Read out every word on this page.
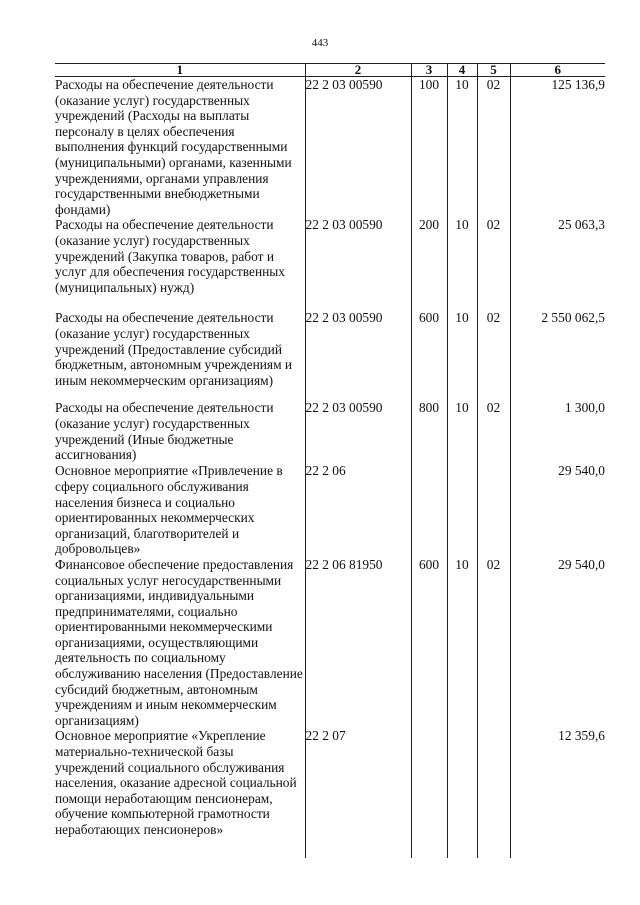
443
1	2	3	4	5	6
Расходы на обеспечение деятельности (оказание услуг) государственных учреждений (Расходы на выплаты персоналу в целях обеспечения выполнения функций государственными (муниципальными) органами, казенными учреждениями, органами управления государственными внебюджетными фондами)	22 2 03 00590	100	10	02	125 136,9
Расходы на обеспечение деятельности (оказание услуг) государственных учреждений (Закупка товаров, работ и услуг для обеспечения государственных (муниципальных) нужд)	22 2 03 00590	200	10	02	25 063,3
Расходы на обеспечение деятельности (оказание услуг) государственных учреждений (Предоставление субсидий бюджетным, автономным учреждениям и иным некоммерческим организациям)	22 2 03 00590	600	10	02	2 550 062,5
Расходы на обеспечение деятельности (оказание услуг) государственных учреждений (Иные бюджетные ассигнования)	22 2 03 00590	800	10	02	1 300,0
Основное мероприятие «Привлечение в сферу социального обслуживания населения бизнеса и социально ориентированных некоммерческих организаций, благотворителей и добровольцев»	22 2 06				29 540,0
Финансовое обеспечение предоставления социальных услуг негосударственными организациями, индивидуальными предпринимателями, социально ориентированными некоммерческими организациями, осуществляющими деятельность по социальному обслуживанию населения (Предоставление субсидий бюджетным, автономным учреждениям и иным некоммерческим организациям)	22 2 06 81950	600	10	02	29 540,0
Основное мероприятие «Укрепление материально-технической базы учреждений социального обслуживания населения, оказание адресной социальной помощи неработающим пенсионерам, обучение компьютерной грамотности неработающих пенсионеров»	22 2 07				12 359,6
